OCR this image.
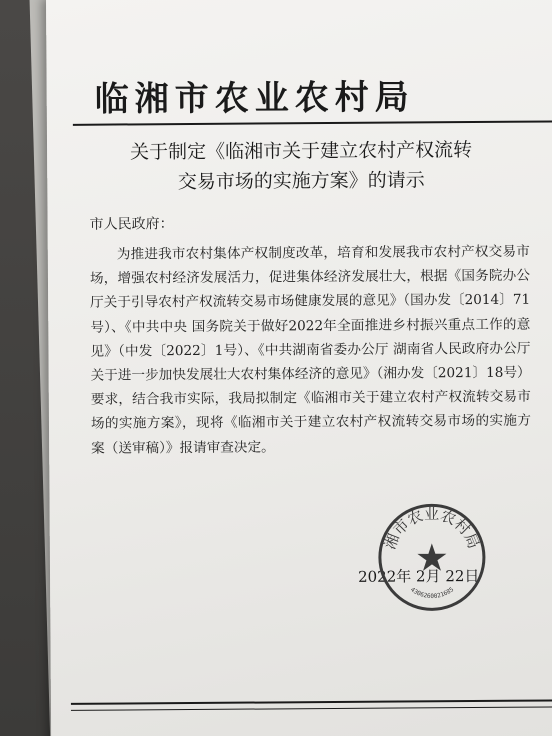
临湘市农业农村局
关于制定《临湘市关于建立农村产权流转
交易市场的实施方案》的请示
市人民政府：
为推进我市农村集体产权制度改革，培育和发展我市农村产权交易市场，增强农村经济发展活力，促进集体经济发展壮大，根据《国务院办公厅关于引导农村产权流转交易市场健康发展的意见》（国办发〔2014〕71号）、《中共中央 国务院关于做好2022年全面推进乡村振兴重点工作的意见》（中发〔2022〕1号）、《中共湖南省委办公厅 湖南省人民政府办公厅关于进一步加快发展壮大农村集体经济的意见》（湘办发〔2021〕18号）要求，结合我市实际，我局拟制定《临湘市关于建立农村产权流转交易市场的实施方案》，现将《临湘市关于建立农村产权流转交易市场的实施方案（送审稿）》报请审查决定。
2022年 2月 22日
湘市农业农村局
4306260021685
